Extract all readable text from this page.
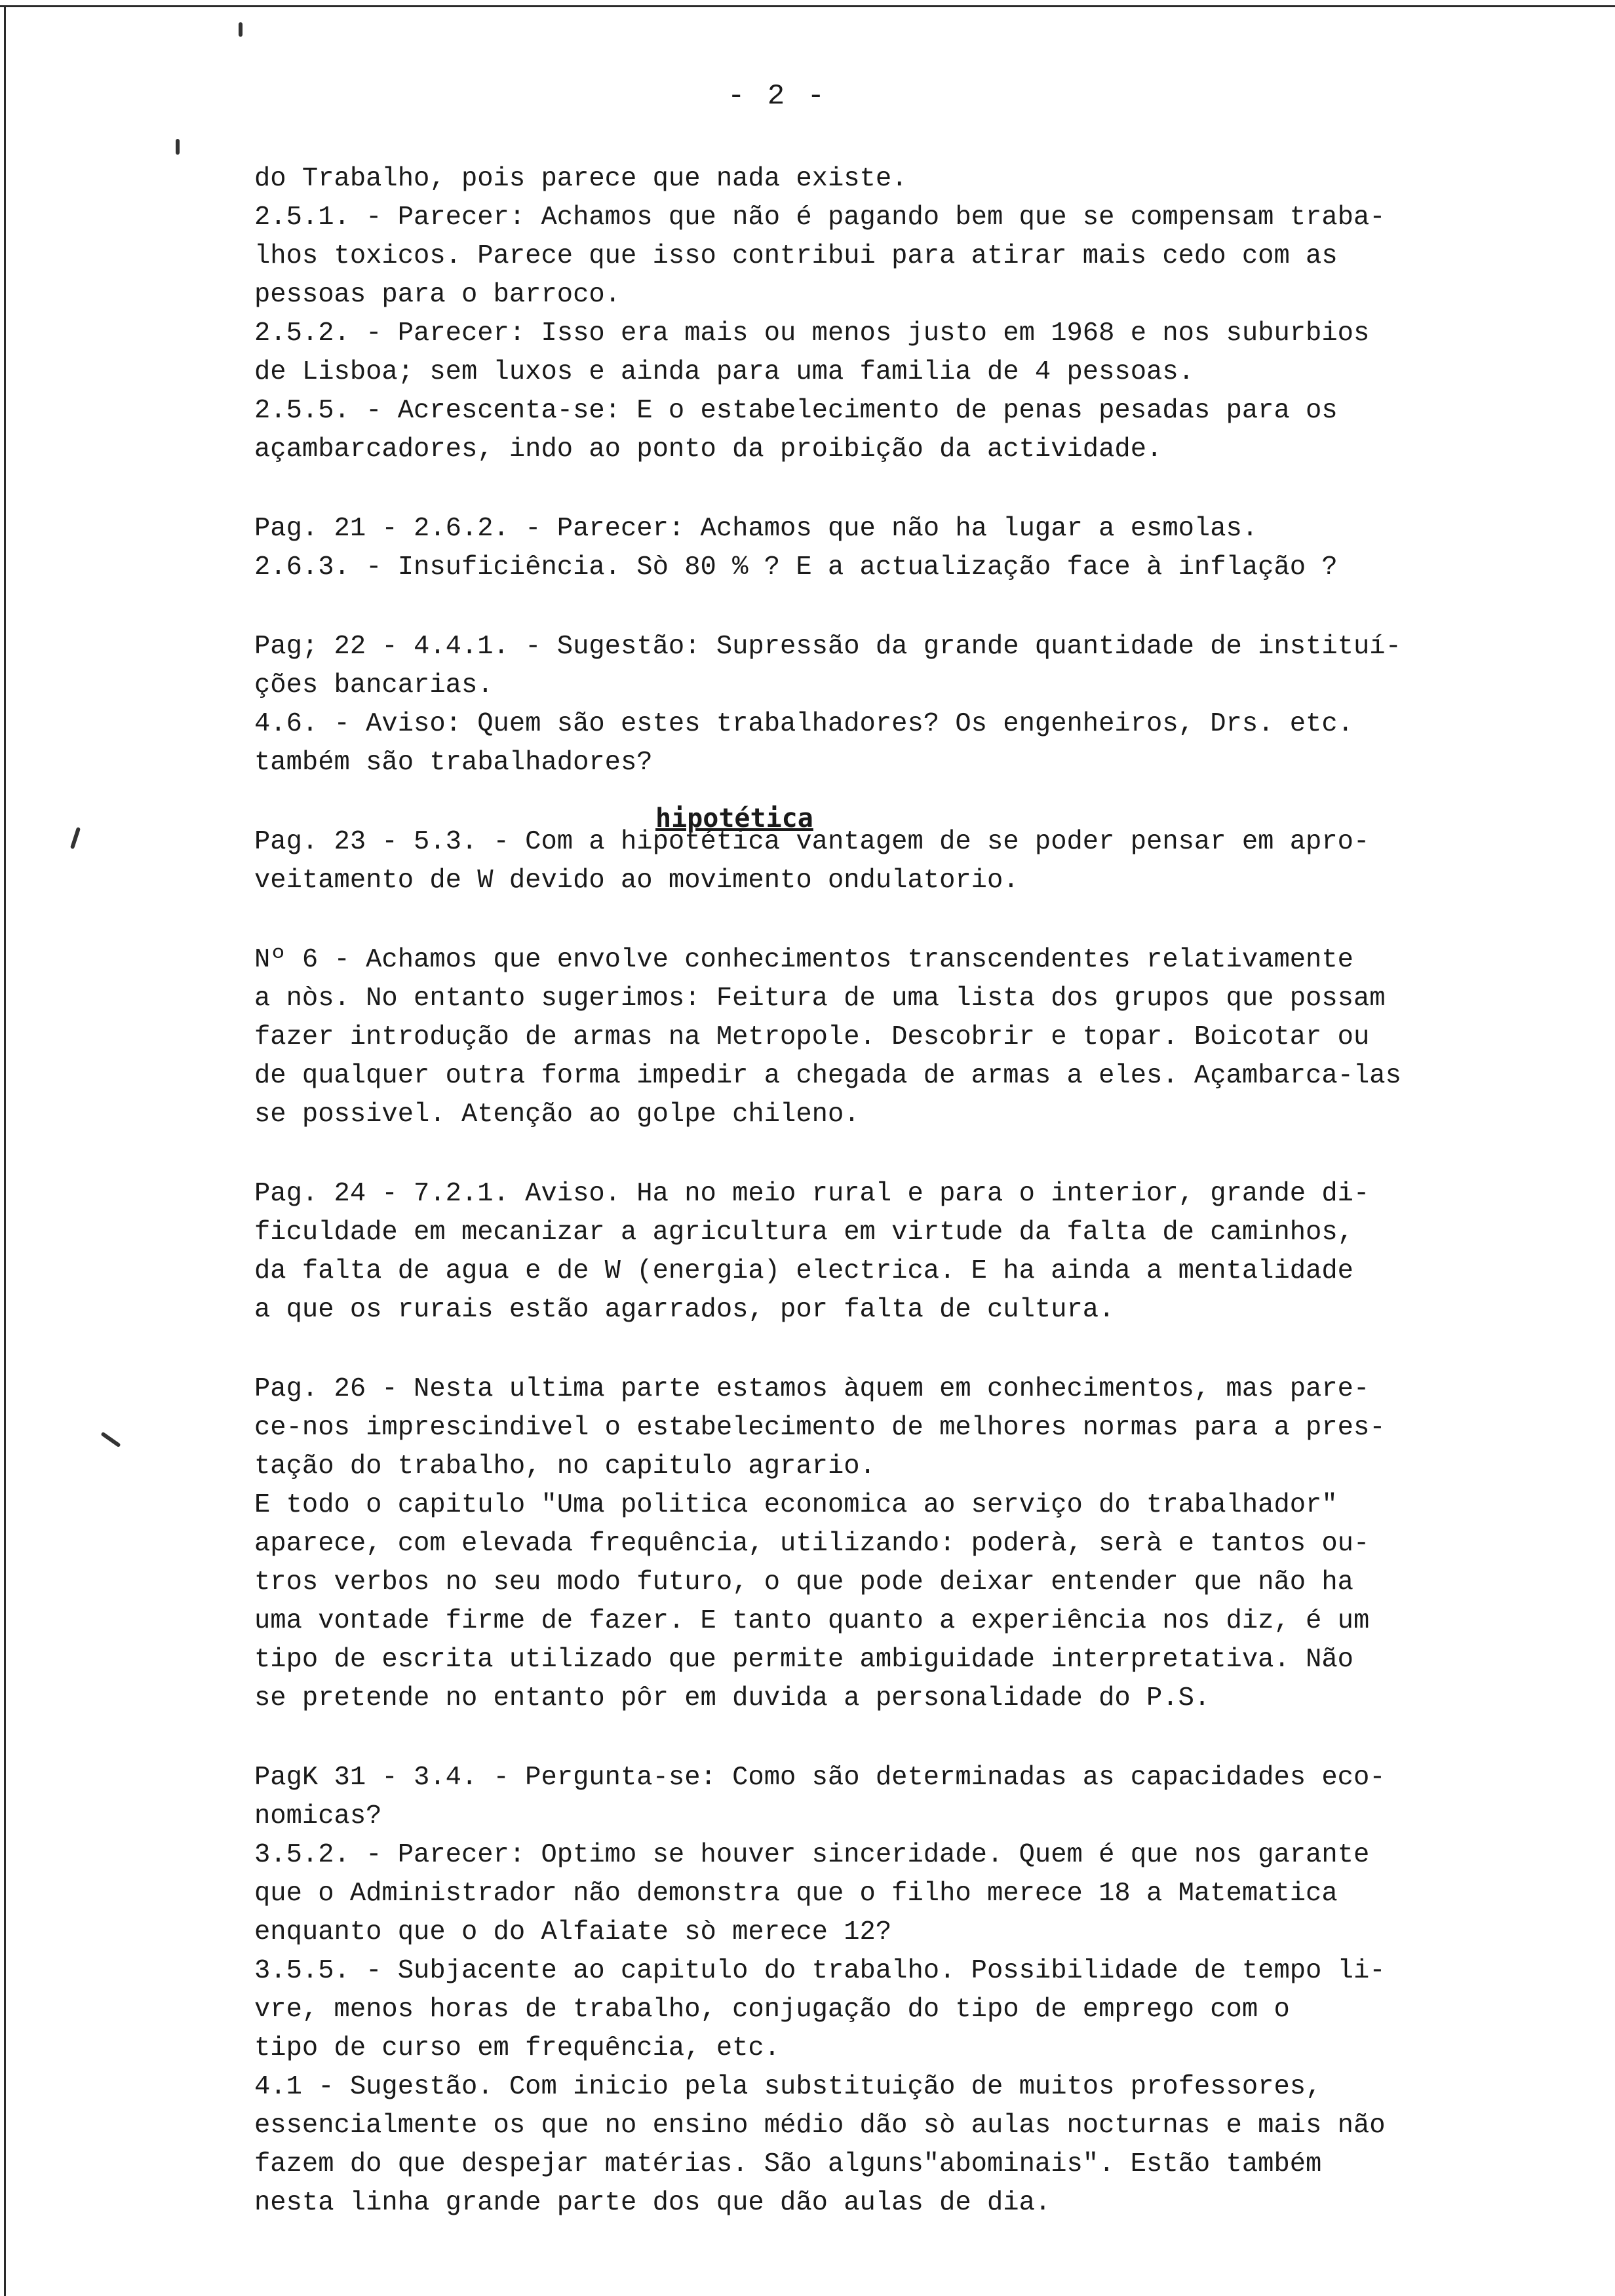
- 2 -
hipotética
do Trabalho, pois parece que nada existe.
2.5.1. - Parecer: Achamos que não é pagando bem que se compensam traba-
lhos toxicos. Parece que isso contribui para atirar mais cedo com as
pessoas para o barroco.
2.5.2. - Parecer: Isso era mais ou menos justo em 1968 e nos suburbios
de Lisboa; sem luxos e ainda para uma familia de 4 pessoas.
2.5.5. - Acrescenta-se: E o estabelecimento de penas pesadas para os
açambarcadores, indo ao ponto da proibição da actividade.
Pag. 21 - 2.6.2. - Parecer: Achamos que não ha lugar a esmolas.
2.6.3. - Insuficiência. Sò 80 % ? E a actualização face à inflação ?
Pag; 22 - 4.4.1. - Sugestão: Supressão da grande quantidade de instituí-
ções bancarias.
4.6. - Aviso: Quem são estes trabalhadores? Os engenheiros, Drs. etc.
também são trabalhadores?
Pag. 23 - 5.3. - Com a hipotética vantagem de se poder pensar em apro-
veitamento de W devido ao movimento ondulatorio.
Nº 6 - Achamos que envolve conhecimentos transcendentes relativamente
a nòs. No entanto sugerimos: Feitura de uma lista dos grupos que possam
fazer introdução de armas na Metropole. Descobrir e topar. Boicotar ou
de qualquer outra forma impedir a chegada de armas a eles. Açambarca-las
se possivel. Atenção ao golpe chileno.
Pag. 24 - 7.2.1. Aviso. Ha no meio rural e para o interior, grande di-
ficuldade em mecanizar a agricultura em virtude da falta de caminhos,
da falta de agua e de W (energia) electrica. E ha ainda a mentalidade
a que os rurais estão agarrados, por falta de cultura.
Pag. 26 - Nesta ultima parte estamos àquem em conhecimentos, mas pare-
ce-nos imprescindivel o estabelecimento de melhores normas para a pres-
tação do trabalho, no capitulo agrario.
E todo o capitulo "Uma politica economica ao serviço do trabalhador"
aparece, com elevada frequência, utilizando: poderà, serà e tantos ou-
tros verbos no seu modo futuro, o que pode deixar entender que não ha
uma vontade firme de fazer. E tanto quanto a experiência nos diz, é um
tipo de escrita utilizado que permite ambiguidade interpretativa. Não
se pretende no entanto pôr em duvida a personalidade do P.S.
PagK 31 - 3.4. - Pergunta-se: Como são determinadas as capacidades eco-
nomicas?
3.5.2. - Parecer: Optimo se houver sinceridade. Quem é que nos garante
que o Administrador não demonstra que o filho merece 18 a Matematica
enquanto que o do Alfaiate sò merece 12?
3.5.5. - Subjacente ao capitulo do trabalho. Possibilidade de tempo li-
vre, menos horas de trabalho, conjugação do tipo de emprego com o
tipo de curso em frequência, etc.
4.1 - Sugestão. Com inicio pela substituição de muitos professores,
essencialmente os que no ensino médio dão sò aulas nocturnas e mais não
fazem do que despejar matérias. São alguns"abominais". Estão também
nesta linha grande parte dos que dão aulas de dia.
